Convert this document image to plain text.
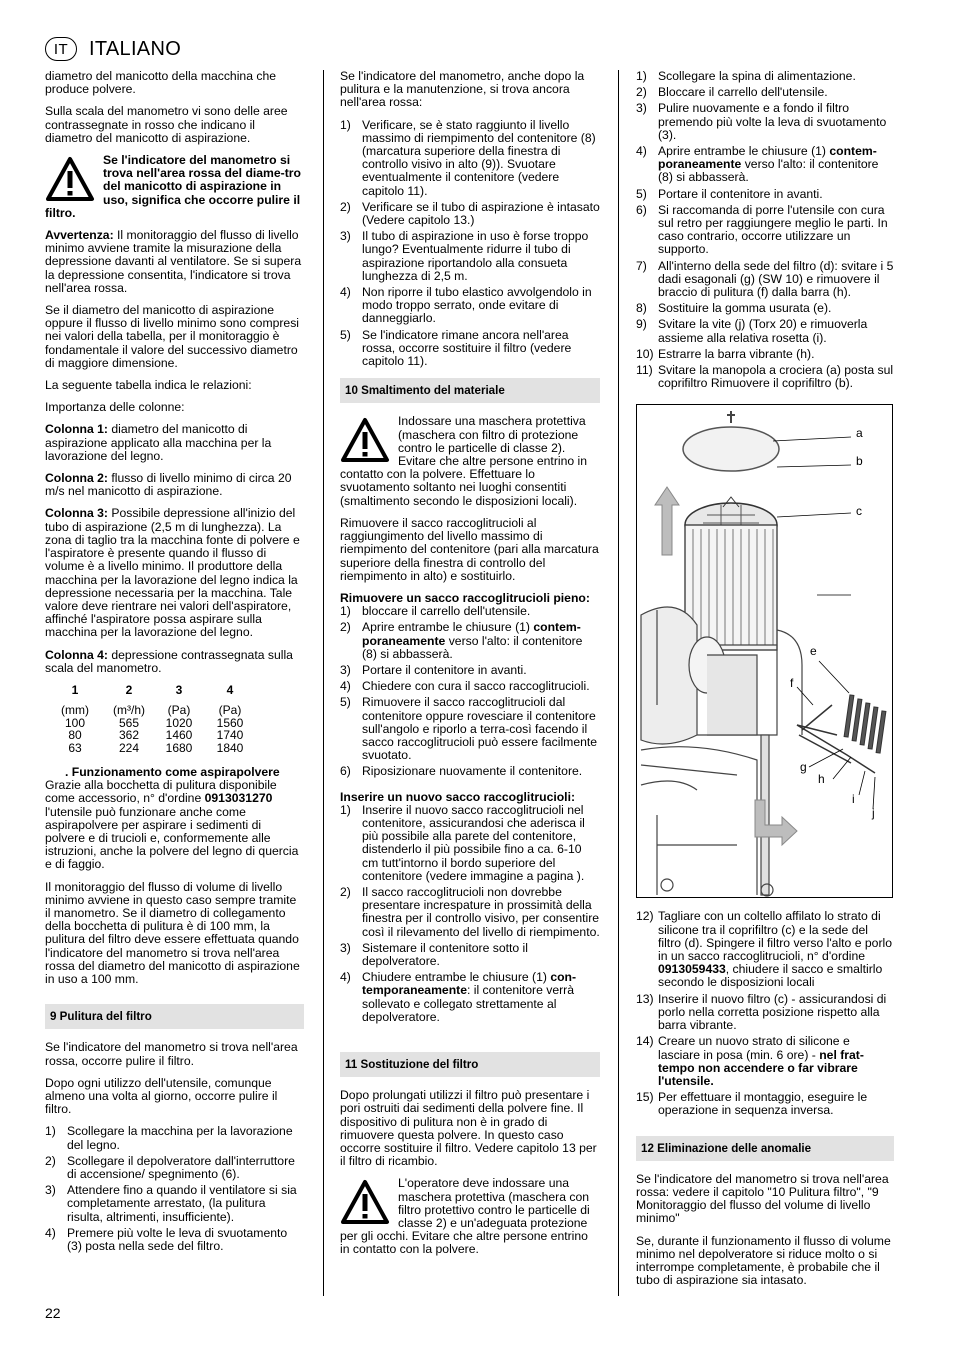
IT	ITALIANO

diametro del manicotto della macchina che produce polvere.

Sulla scala del manometro vi sono delle aree contrassegnate in rosso che indicano il diametro del manicotto di aspirazione.

Se l'indicatore del manometro si trova nell'area rossa del diame-tro del manicotto di aspirazione in uso, significa che occorre pulire il filtro.

Avvertenza: Il monitoraggio del flusso di livello minimo avviene tramite la misurazione della depressione davanti al ventilatore. Se si supera la depressione consentita, l'indicatore si trova nell'area rossa.

Se il diametro del manicotto di aspirazione oppure il flusso di livello minimo sono compresi nei valori della tabella, per il monitoraggio è fondamentale il valore del successivo diametro di maggiore dimensione.

La seguente tabella indica le relazioni:

Importanza delle colonne:

Colonna 1: diametro del manicotto di aspirazione applicato alla macchina per la lavorazione del legno.

Colonna 2: flusso di livello minimo di circa 20 m/s nel manicotto di aspirazione.

Colonna 3: Possibile depressione all'inizio del tubo di aspirazione (2,5 m di lunghezza). La zona di taglio tra la macchina fonte di polvere e l'aspiratore è presente quando il flusso di volume è a livello minimo. Il produttore della macchina per la lavorazione del legno indica la depressione necessaria per la macchina. Tale valore deve rientrare nei valori dell'aspiratore, affinché l'aspiratore possa aspirare sulla macchina per la lavorazione del legno.

Colonna 4: depressione contrassegnata sulla scala del manometro.

1	2	3	4
(mm)	(m³/h)	(Pa)	(Pa)
100	565	1020	1560
80	362	1460	1740
63	224	1680	1840
. Funzionamento come aspirapolvere

Grazie alla bocchetta di pulitura disponibile come accessorio, n° d'ordine 0913031270 l'utensile può funzionare anche come aspirapolvere per aspirare i sedimenti di polvere e di trucioli e, conformemente alle istruzioni, anche la polvere del legno di quercia e di faggio.

Il monitoraggio del flusso di volume di livello minimo avviene in questo caso sempre tramite il manometro. Se il diametro di collegamento della bocchetta di pulitura è di 100 mm, la pulitura del filtro deve essere effettuata quando l'indicatore del manometro si trova nell'area rossa del diametro del manicotto di aspirazione in uso a 100 mm.

9 Pulitura del filtro

Se l'indicatore del manometro si trova nell'area rossa, occorre pulire il filtro.

Dopo ogni utilizzo dell'utensile, comunque almeno una volta al giorno, occorre pulire il filtro.

1) Scollegare la macchina per la lavorazione del legno.
2) Scollegare il depolveratore dall'interruttore di accensione/ spegnimento (6).
3) Attendere fino a quando il ventilatore si sia completamente arrestato, (la pulitura risulta, altrimenti, insufficiente).
4) Premere più volte le leva di svuotamento (3) posta nella sede del filtro.

Se l'indicatore del manometro, anche dopo la pulitura e la manutenzione, si trova ancora nell'area rossa:

1) Verificare, se è stato raggiunto il livello massimo di riempimento del contenitore (8) (marcatura superiore della finestra di controllo visivo in alto (9)). Svuotare eventualmente il contenitore (vedere capitolo 11).
2) Verificare se il tubo di aspirazione è intasato (Vedere capitolo 13.)
3) Il tubo di aspirazione in uso è forse troppo lungo? Eventualmente ridurre il tubo di aspirazione riportandolo alla consueta lunghezza di 2,5 m.
4) Non riporre il tubo elastico avvolgendolo in modo troppo serrato, onde evitare di danneggiarlo.
5) Se l'indicatore rimane ancora nell'area rossa, occorre sostituire il filtro (vedere capitolo 11).
10 Smaltimento del materiale
Indossare una maschera protettiva (maschera con filtro di protezione contro le particelle di classe 2). Evitare che altre persone entrino in contatto con la polvere. Effettuare lo svuotamento soltanto nei luoghi consentiti (smaltimento secondo le disposizioni locali).

Rimuovere il sacco raccoglitrucioli al raggiungimento del livello massimo di riempimento del contenitore (pari alla marcatura superiore della finestra di controllo del riempimento in alto) e sostituirlo.

Rimuovere un sacco raccoglitrucioli pieno:
1) bloccare il carrello dell'utensile.
2) Aprire entrambe le chiusure (1) contem-poraneamente verso l'alto: il contenitore (8) si abbasserà.
3) Portare il contenitore in avanti.
4) Chiedere con cura il sacco raccoglitrucioli.
5) Rimuovere il sacco raccoglitrucioli dal contenitore oppure rovesciare il contenitore sull'angolo e riporlo a terra-così facendo il sacco raccoglitrucioli può essere facilmente svuotato.
6) Riposizionare nuovamente il contenitore.
Inserire un nuovo sacco raccoglitrucioli:
1) Inserire il nuovo sacco raccoglitrucioli nel contenitore, assicurandosi che aderisca il più possibile alla parete del contenitore, distenderlo il più possibile fino a ca. 6-10 cm tutt'intorno il bordo superiore del contenitore (vedere immagine a pagina ).
2) Il sacco raccoglitrucioli non dovrebbe presentare increspature in prossimità della finestra per il controllo visivo, per consentire così il rilevamento del livello di riempimento.
3) Sistemare il contenitore sotto il depolveratore.
4) Chiudere entrambe le chiusure (1) con-temporaneamente: il contenitore verrà sollevato e collegato strettamente al depolveratore.
11 Sostituzione del filtro

Dopo prolungati utilizzi il filtro può presentare i pori ostruiti dai sedimenti della polvere fine. Il dispositivo di pulitura non è in grado di rimuovere questa polvere. In questo caso occorre sostituire il filtro. Vedere capitolo 13 per il filtro di ricambio.

L'operatore deve indossare una maschera protettiva (maschera con filtro protettivo contro le particelle di classe 2) e un'adeguata protezione per gli occhi. Evitare che altre persone entrino in contatto con la polvere.
1) Scollegare la spina di alimentazione.
2) Bloccare il carrello dell'utensile.
3) Pulire nuovamente e a fondo il filtro premendo più volte la leva di svuotamento (3).
4) Aprire entrambe le chiusure (1) contem-poraneamente verso l'alto: il contenitore (8) si abbasserà.
5) Portare il contenitore in avanti.
6) Si raccomanda di porre l'utensile con cura sul retro per raggiungere meglio le parti. In caso contrario, occorre utilizzare un supporto.
7) All'interno della sede del filtro (d): svitare i 5 dadi esagonali (g) (SW 10) e rimuovere il braccio di pulitura (f) dalla barra (h).
8) Sostituire la gomma usurata (e).
9) Svitare la vite (j) (Torx 20) e rimuoverla assieme alla relativa rosetta (i).
10) Estrarre la barra vibrante (h).
11) Svitare la manopola a crociera (a) posta sul coprifiltro Rimuovere il coprifiltro (b).
a
b
c
e
f
g
h
i
j
12) Tagliare con un coltello affilato lo strato di silicone tra il coprifiltro (c) e la sede del filtro (d). Spingere il filtro verso l'alto e porlo in un sacco raccoglitrucioli, n° d'ordine 0913059433, chiudere il sacco e smaltirlo secondo le disposizioni locali
13) Inserire il nuovo filtro (c) - assicurandosi di porlo nella corretta posizione rispetto alla barra vibrante.
14) Creare un nuovo strato di silicone e lasciare in posa (min. 6 ore) - nel frat-tempo non accendere o far vibrare l'utensile.
15) Per effettuare il montaggio, eseguire le operazione in sequenza inversa.
12 Eliminazione delle anomalie

Se l'indicatore del manometro si trova nell'area rossa: vedere il capitolo "10 Pulitura filtro", "9 Monitoraggio del flusso del volume di livello minimo"

Se, durante il funzionamento il flusso di volume minimo nel depolveratore si riduce molto o si interrompe completamente, è probabile che il tubo di aspirazione sia intasato.

22
